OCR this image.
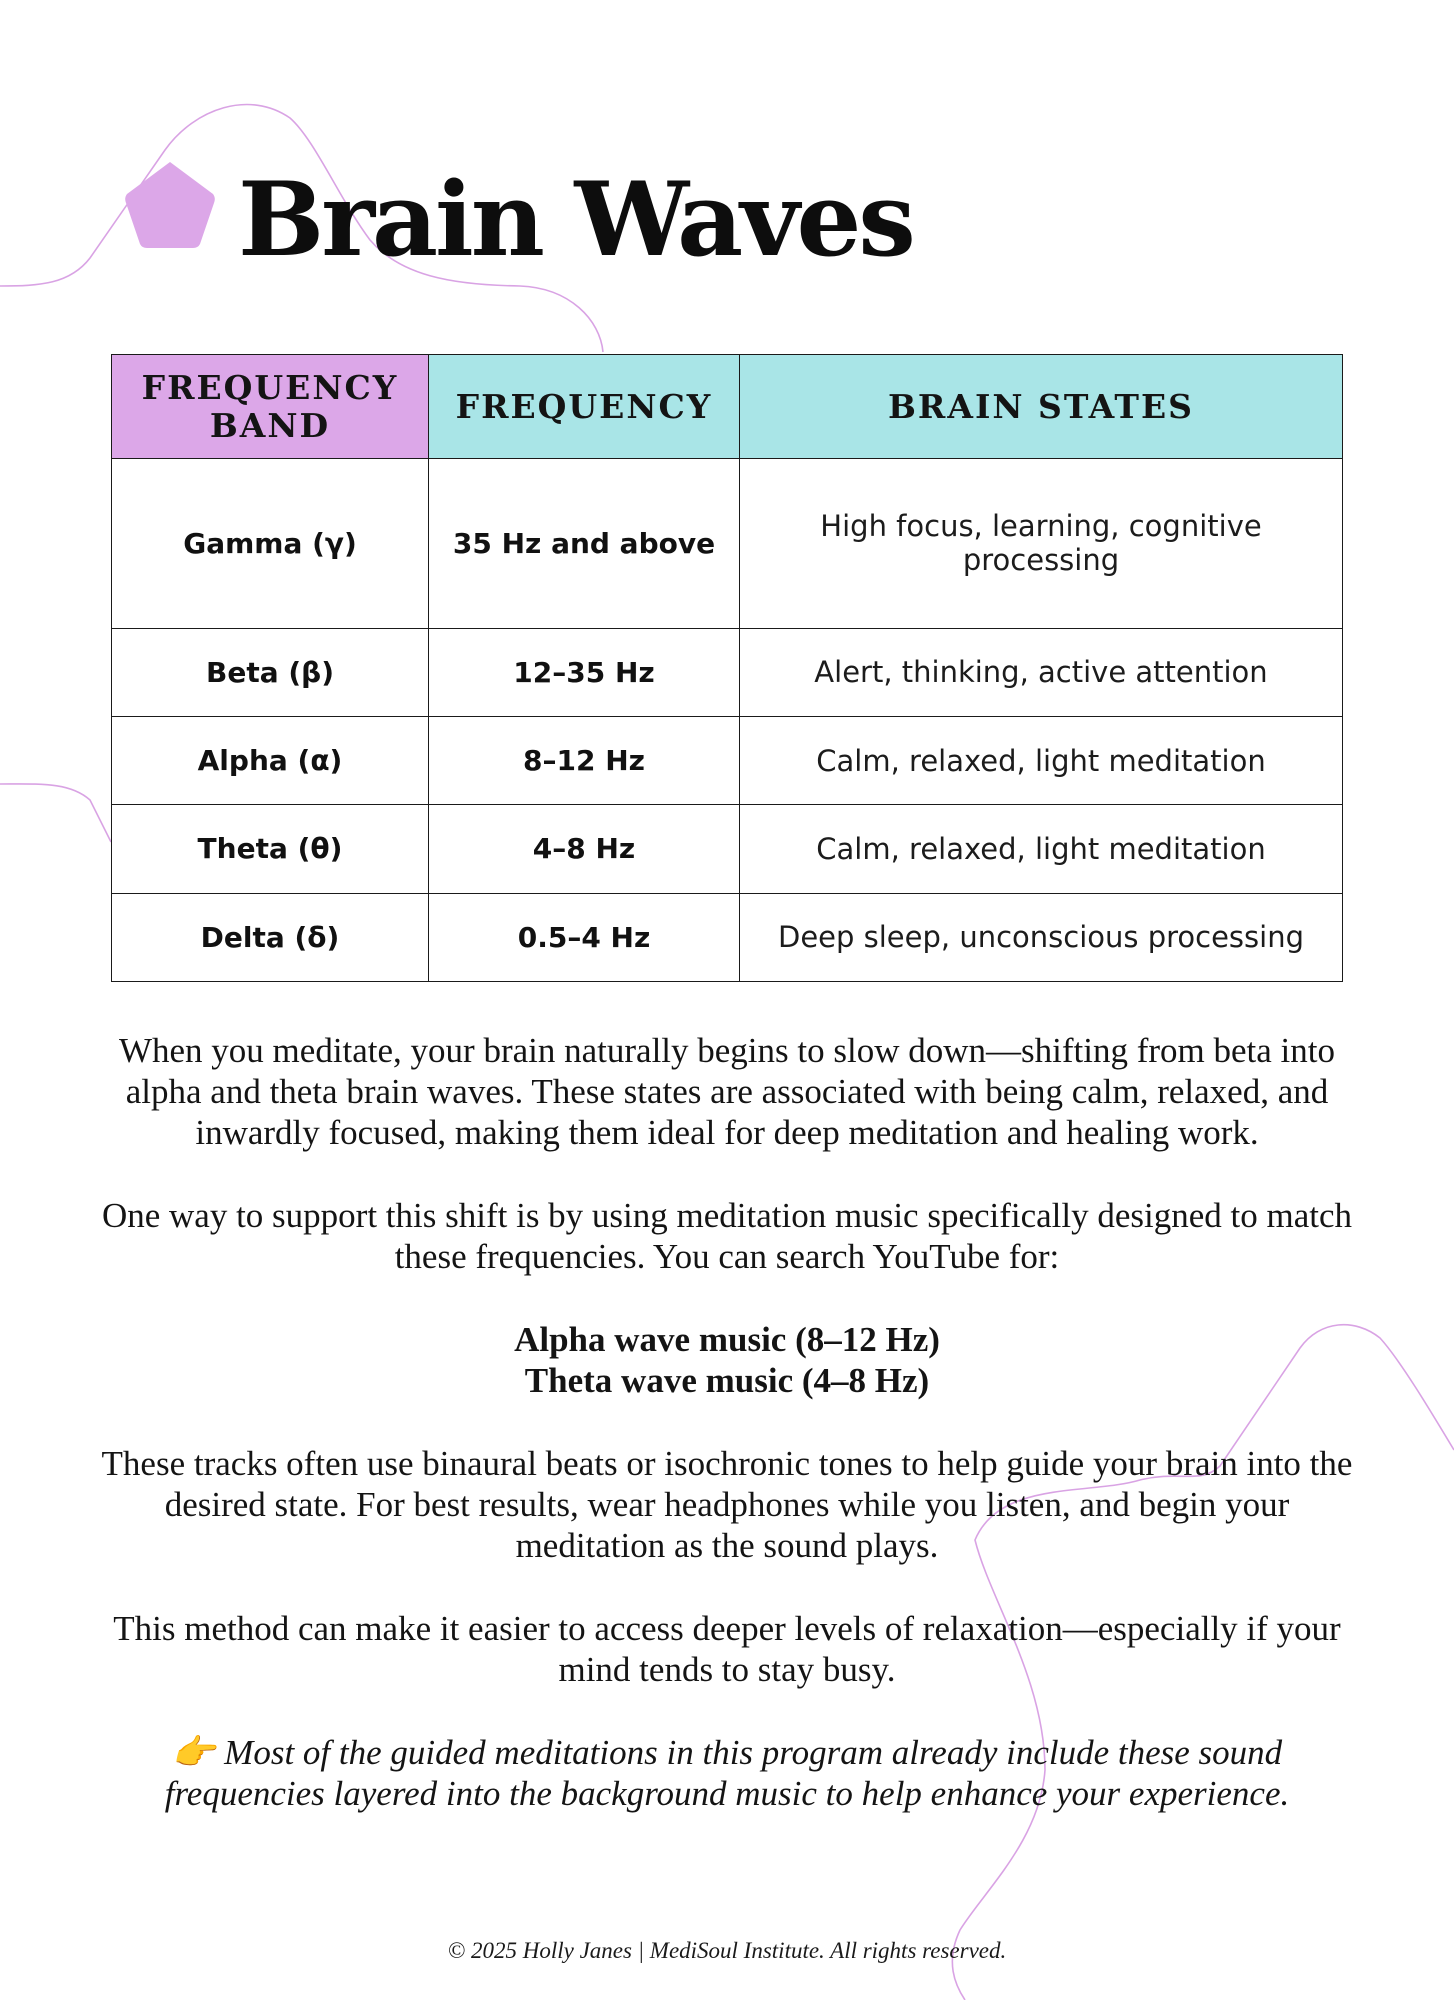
Brain Waves
FREQUENCY BAND	FREQUENCY	BRAIN STATES
Gamma (γ)	35 Hz and above	High focus, learning, cognitive processing
Beta (β)	12–35 Hz	Alert, thinking, active attention
Alpha (α)	8–12 Hz	Calm, relaxed, light meditation
Theta (θ)	4–8 Hz	Calm, relaxed, light meditation
Delta (δ)	0.5–4 Hz	Deep sleep, unconscious processing

When you meditate, your brain naturally begins to slow down—shifting from beta into alpha and theta brain waves. These states are associated with being calm, relaxed, and inwardly focused, making them ideal for deep meditation and healing work.

One way to support this shift is by using meditation music specifically designed to match these frequencies. You can search YouTube for:

Alpha wave music (8–12 Hz)
Theta wave music (4–8 Hz)

These tracks often use binaural beats or isochronic tones to help guide your brain into the desired state. For best results, wear headphones while you listen, and begin your meditation as the sound plays.

This method can make it easier to access deeper levels of relaxation—especially if your mind tends to stay busy.

👉 Most of the guided meditations in this program already include these sound frequencies layered into the background music to help enhance your experience.

© 2025 Holly Janes | MediSoul Institute. All rights reserved.
